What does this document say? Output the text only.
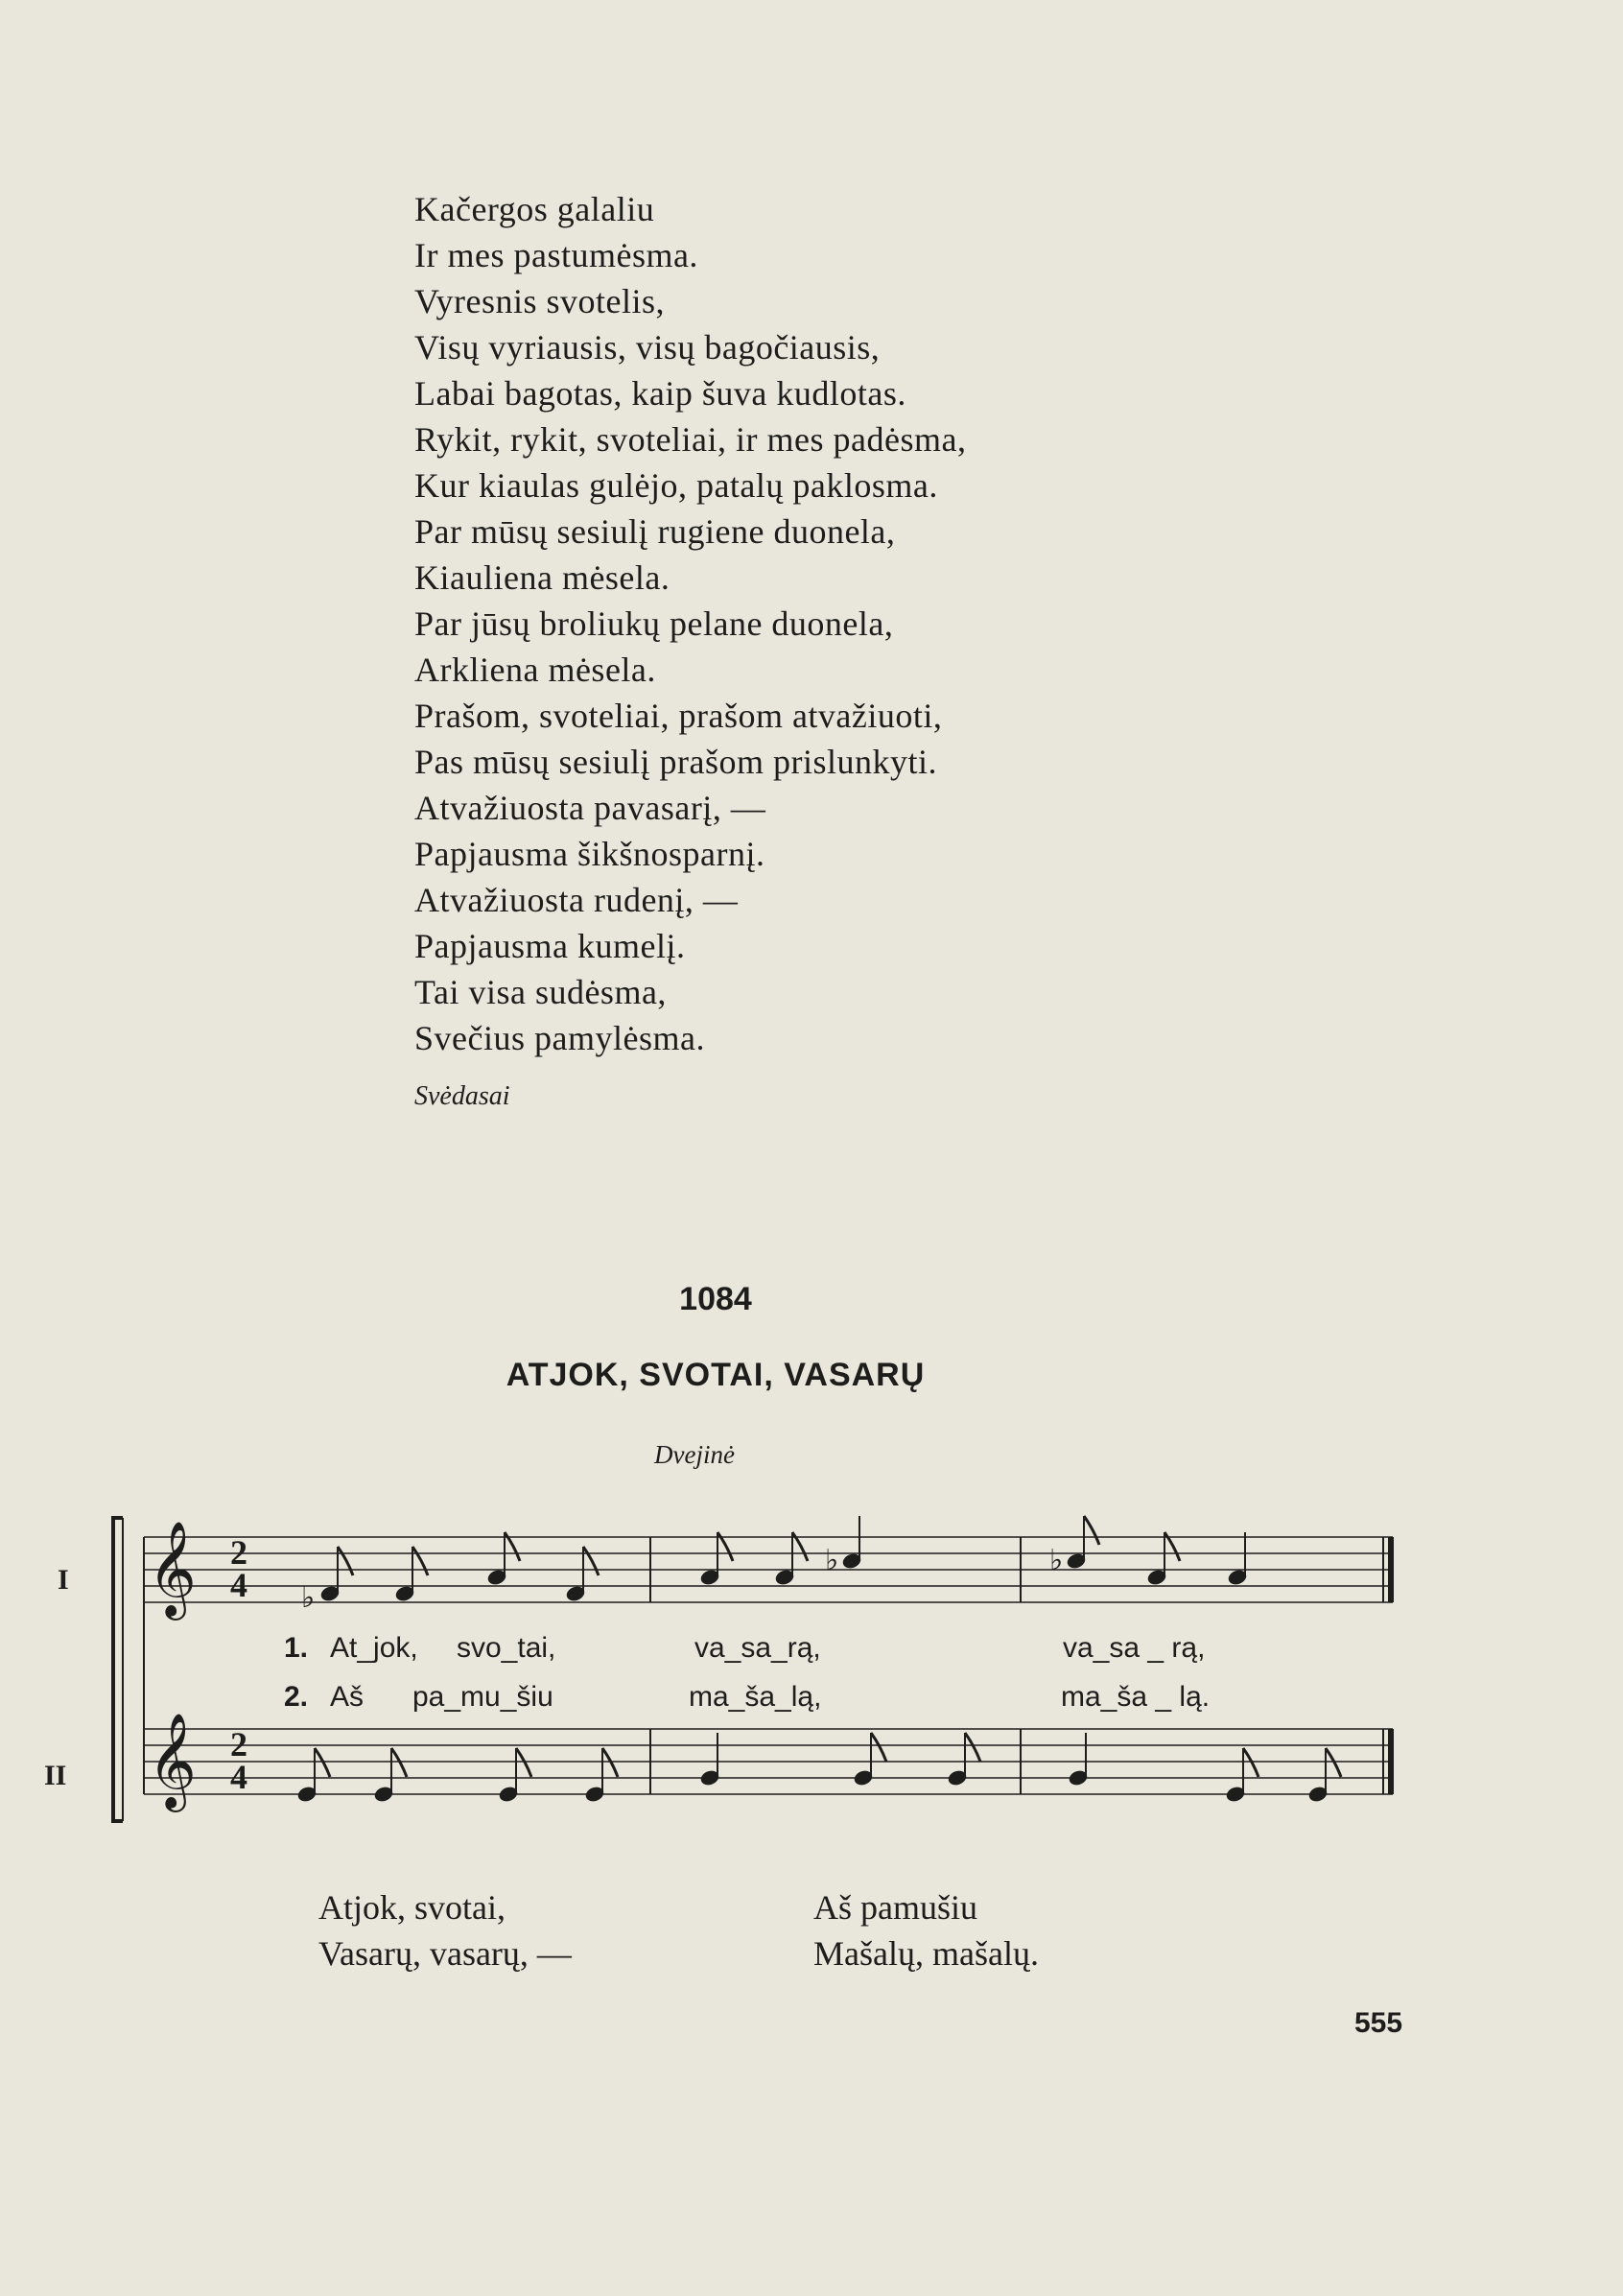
Kačergos galaliu
Ir mes pastumėsma.
Vyresnis svotelis,
Visų vyriausis, visų bagočiausis,
Labai bagotas, kaip šuva kudlotas.
Rykit, rykit, svoteliai, ir mes padėsma,
Kur kiaulas gulėjo, patalų paklosma.
Par mūsų sesiulį rugiene duonela,
Kiauliena mėsela.
Par jūsų broliukų pelane duonela,
Arkliena mėsela.
Prašom, svoteliai, prašom atvažiuoti,
Pas mūsų sesiulį prašom prislunkyti.
Atvažiuosta pavasarį, —
Papjausma šikšnosparnį.
Atvažiuosta rudenį, —
Papjausma kumelį.
Tai visa sudėsma,
Svečius pamylėsma.
Svėdasai
1084
ATJOK, SVOTAI, VASARŲ
Dvejinė
I
II
𝄞
𝄞
2
4
2
4
♭
♭	♭
1. At_jok, svo_tai,	va_sa_rą,	va_sa _ rą,
2. Aš pa_mu_šiu	ma_ša_lą,	ma_ša _ lą.
Atjok, svotai,
Vasarų, vasarų, —
Aš pamušiu
Mašalų, mašalų.
555
